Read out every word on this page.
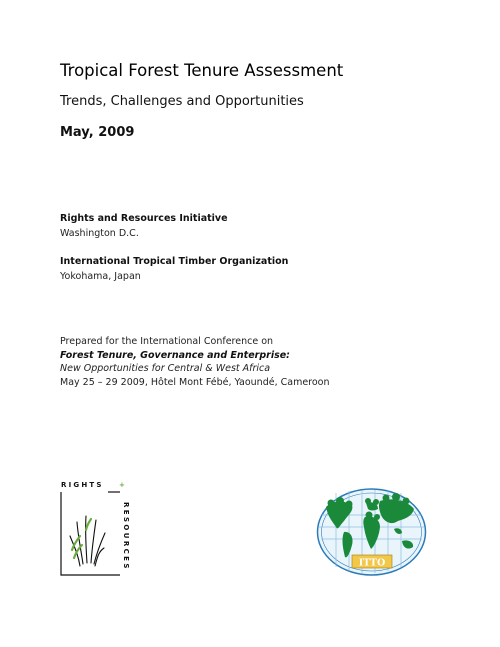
Tropical Forest Tenure Assessment
Trends, Challenges and Opportunities
May, 2009
Rights and Resources Initiative
Washington D.C.
International Tropical Timber Organization
Yokohama, Japan
Prepared for the International Conference on
Forest Tenure, Governance and Enterprise:
New Opportunities for Central & West Africa
May 25 – 29 2009, Hôtel Mont Fébé, Yaoundé, Cameroon
RIGHTS +
RESOURCES	ITTO
